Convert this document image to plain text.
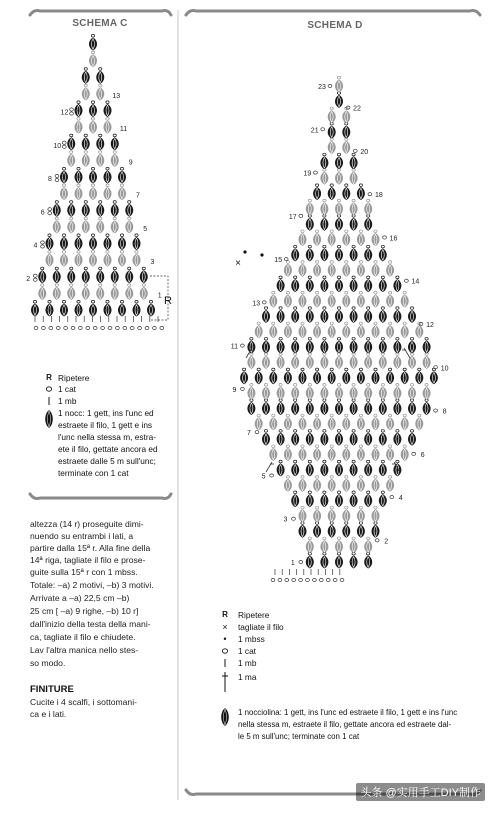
SCHEMA C	SCHEMA D
R
1
2
3
4
5
6
7
8
9
10
11
12
13
1
2
3
4
5
6
7
8
9
10
11
12
13
14
15
16
17
18
19
20
21
22
23
×
R Ripetere
1 cat
1 mb
1 nocc: 1 gett, ins l'unc ed
estraete il filo, 1 gett e ins
l'unc nella stessa m, estra-
ete il filo, gettate ancora ed
estraete dalle 5 m sull'unc;
terminate con 1 cat
altezza (14 r) proseguite dimi-
nuendo su entrambi i lati, a
partire dalla 15ª r. Alla fine della
14ª riga, tagliate il filo e prose-
guite sulla 15ª r con 1 mbss.
Totale: –a) 2 motivi, –b) 3 motivi.
Arrivate a –a) 22,5 cm –b)
25 cm [ –a) 9 righe, –b) 10 r]
dall'inizio della testa della mani-
ca, tagliate il filo e chiudete.
Lav l'altra manica nello stes-
so modo.
FINITURE
Cucite i 4 scalfi, i sottomani-
ca e i lati.
R Ripetere
× tagliate il filo
•	1 mbss
1 cat
1 mb
1 ma
1 nocciolina: 1 gett, ins l'unc ed estraete il filo, 1 gett e ins l'unc
nella stessa m, estraete il filo, gettate ancora ed estraete dal-
le 5 m sull'unc; terminate con 1 cat
头条 @实用手工DIY制作
